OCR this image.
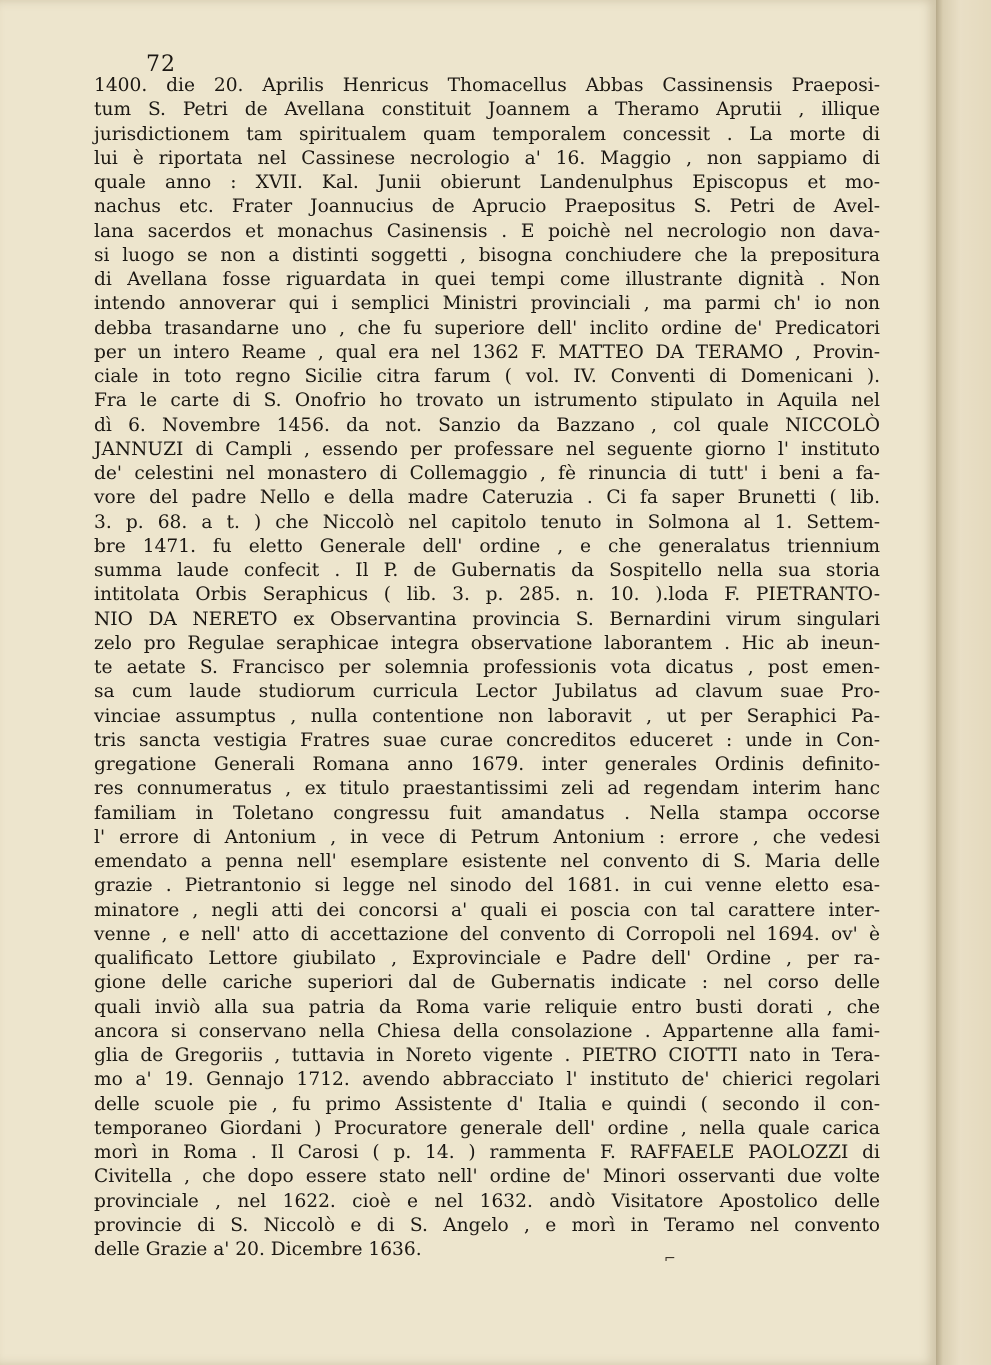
72
1400. die 20. Aprilis Henricus Thomacellus Abbas Cassinensis Praeposi-
tum S. Petri de Avellana constituit Joannem a Theramo Aprutii , illique
jurisdictionem tam spiritualem quam temporalem concessit . La morte di
lui è riportata nel Cassinese necrologio a' 16. Maggio , non sappiamo di
quale anno : XVII. Kal. Junii obierunt Landenulphus Episcopus et mo-
nachus etc. Frater Joannucius de Aprucio Praepositus S. Petri de Avel-
lana sacerdos et monachus Casinensis . E poichè nel necrologio non dava-
si luogo se non a distinti soggetti , bisogna conchiudere che la prepositura
di Avellana fosse riguardata in quei tempi come illustrante dignità . Non
intendo annoverar qui i semplici Ministri provinciali , ma parmi ch' io non
debba trasandarne uno , che fu superiore dell' inclito ordine de' Predicatori
per un intero Reame , qual era nel 1362 F. MATTEO DA TERAMO , Provin-
ciale in toto regno Sicilie citra farum ( vol. IV. Conventi di Domenicani ).
Fra le carte di S. Onofrio ho trovato un istrumento stipulato in Aquila nel
dì 6. Novembre 1456. da not. Sanzio da Bazzano , col quale NICCOLÒ
JANNUZI di Campli , essendo per professare nel seguente giorno l' instituto
de' celestini nel monastero di Collemaggio , fè rinuncia di tutt' i beni a fa-
vore del padre Nello e della madre Cateruzia . Ci fa saper Brunetti ( lib.
3. p. 68. a t. ) che Niccolò nel capitolo tenuto in Solmona al 1. Settem-
bre 1471. fu eletto Generale dell' ordine , e che generalatus triennium
summa laude confecit . Il P. de Gubernatis da Sospitello nella sua storia
intitolata Orbis Seraphicus ( lib. 3. p. 285. n. 10. ).loda F. PIETRANTO-
NIO DA NERETO ex Observantina provincia S. Bernardini virum singulari
zelo pro Regulae seraphicae integra observatione laborantem . Hic ab ineun-
te aetate S. Francisco per solemnia professionis vota dicatus , post emen-
sa cum laude studiorum curricula Lector Jubilatus ad clavum suae Pro-
vinciae assumptus , nulla contentione non laboravit , ut per Seraphici Pa-
tris sancta vestigia Fratres suae curae concreditos educeret : unde in Con-
gregatione Generali Romana anno 1679. inter generales Ordinis definito-
res connumeratus , ex titulo praestantissimi zeli ad regendam interim hanc
familiam in Toletano congressu fuit amandatus . Nella stampa occorse
l' errore di Antonium , in vece di Petrum Antonium : errore , che vedesi
emendato a penna nell' esemplare esistente nel convento di S. Maria delle
grazie . Pietrantonio si legge nel sinodo del 1681. in cui venne eletto esa-
minatore , negli atti dei concorsi a' quali ei poscia con tal carattere inter-
venne , e nell' atto di accettazione del convento di Corropoli nel 1694. ov' è
qualificato Lettore giubilato , Exprovinciale e Padre dell' Ordine , per ra-
gione delle cariche superiori dal de Gubernatis indicate : nel corso delle
quali inviò alla sua patria da Roma varie reliquie entro busti dorati , che
ancora si conservano nella Chiesa della consolazione . Appartenne alla fami-
glia de Gregoriis , tuttavia in Noreto vigente . PIETRO CIOTTI nato in Tera-
mo a' 19. Gennajo 1712. avendo abbracciato l' instituto de' chierici regolari
delle scuole pie , fu primo Assistente d' Italia e quindi ( secondo il con-
temporaneo Giordani ) Procuratore generale dell' ordine , nella quale carica
morì in Roma . Il Carosi ( p. 14. ) rammenta F. RAFFAELE PAOLOZZI di
Civitella , che dopo essere stato nell' ordine de' Minori osservanti due volte
provinciale , nel 1622. cioè e nel 1632. andò Visitatore Apostolico delle
provincie di S. Niccolò e di S. Angelo , e morì in Teramo nel convento
delle Grazie a' 20. Dicembre 1636.	⌐
